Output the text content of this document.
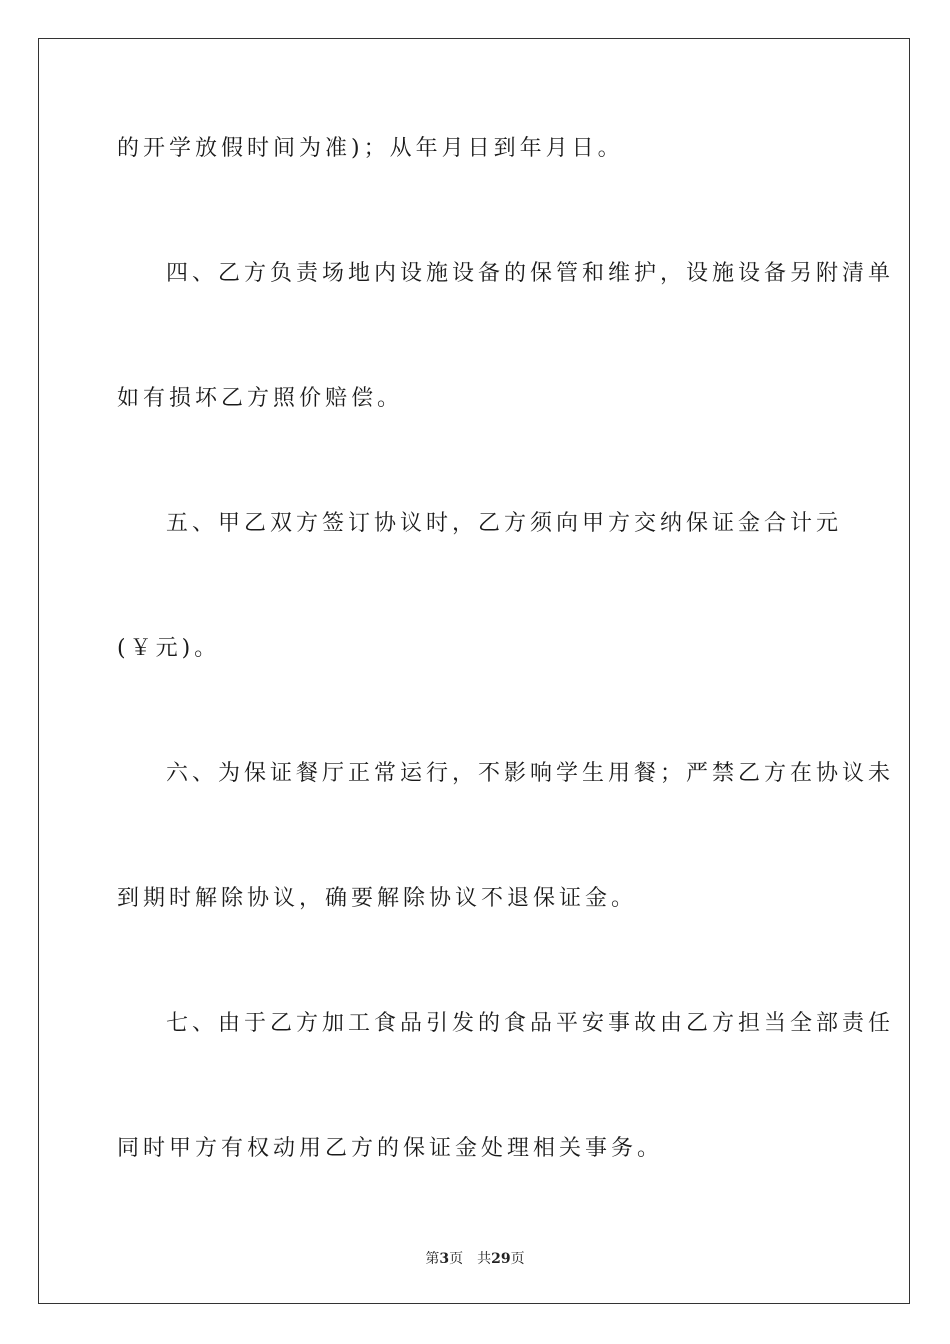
的开学放假时间为准)；从年月日到年月日。
四、乙方负责场地内设施设备的保管和维护，设施设备另附清单
如有损坏乙方照价赔偿。
五、甲乙双方签订协议时，乙方须向甲方交纳保证金合计元
(￥元)。
六、为保证餐厅正常运行，不影响学生用餐；严禁乙方在协议未
到期时解除协议，确要解除协议不退保证金。
七、由于乙方加工食品引发的食品平安事故由乙方担当全部责任
同时甲方有权动用乙方的保证金处理相关事务。
第3页 共29页
